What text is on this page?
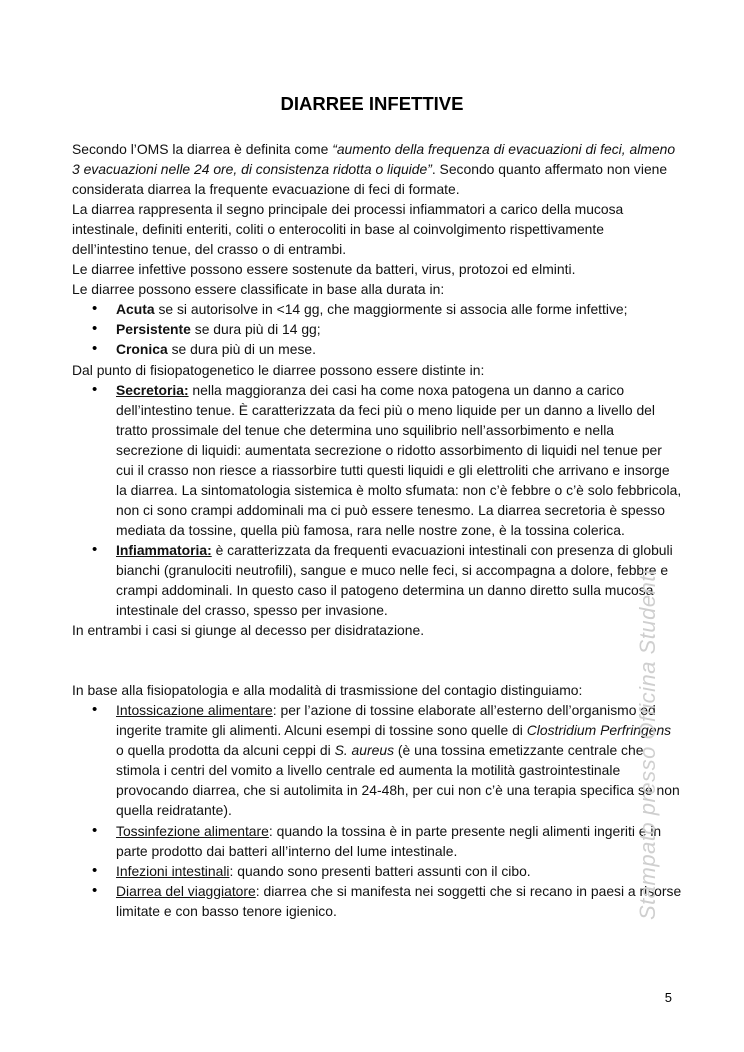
DIARREE INFETTIVE

Secondo l’OMS la diarrea è definita come “aumento della frequenza di evacuazioni di feci, almeno 3 evacuazioni nelle 24 ore, di consistenza ridotta o liquide”. Secondo quanto affermato non viene considerata diarrea la frequente evacuazione di feci di formate.

La diarrea rappresenta il segno principale dei processi infiammatori a carico della mucosa intestinale, definiti enteriti, coliti o enterocoliti in base al coinvolgimento rispettivamente dell’intestino tenue, del crasso o di entrambi.

Le diarree infettive possono essere sostenute da batteri, virus, protozoi ed elminti.

Le diarree possono essere classificate in base alla durata in:

• Acuta se si autorisolve in <14 gg, che maggiormente si associa alle forme infettive;
• Persistente se dura più di 14 gg;
• Cronica se dura più di un mese.

Dal punto di fisiopatogenetico le diarree possono essere distinte in:

• Secretoria: nella maggioranza dei casi ha come noxa patogena un danno a carico dell’intestino tenue. È caratterizzata da feci più o meno liquide per un danno a livello del tratto prossimale del tenue che determina uno squilibrio nell’assorbimento e nella secrezione di liquidi: aumentata secrezione o ridotto assorbimento di liquidi nel tenue per cui il crasso non riesce a riassorbire tutti questi liquidi e gli elettroliti che arrivano e insorge la diarrea. La sintomatologia sistemica è molto sfumata: non c’è febbre o c’è solo febbricola, non ci sono crampi addominali ma ci può essere tenesmo. La diarrea secretoria è spesso mediata da tossine, quella più famosa, rara nelle nostre zone, è la tossina colerica.
• Infiammatoria: è caratterizzata da frequenti evacuazioni intestinali con presenza di globuli bianchi (granulociti neutrofili), sangue e muco nelle feci, si accompagna a dolore, febbre e crampi addominali. In questo caso il patogeno determina un danno diretto sulla mucosa intestinale del crasso, spesso per invasione.

In entrambi i casi si giunge al decesso per disidratazione.

In base alla fisiopatologia e alla modalità di trasmissione del contagio distinguiamo:

• Intossicazione alimentare: per l’azione di tossine elaborate all’esterno dell’organismo ed ingerite tramite gli alimenti. Alcuni esempi di tossine sono quelle di Clostridium Perfringens o quella prodotta da alcuni ceppi di S. aureus (è una tossina emetizzante centrale che stimola i centri del vomito a livello centrale ed aumenta la motilità gastrointestinale provocando diarrea, che si autolimita in 24-48h, per cui non c’è una terapia specifica se non quella reidratante).
• Tossinfezione alimentare: quando la tossina è in parte presente negli alimenti ingeriti e in parte prodotto dai batteri all’interno del lume intestinale.
• Infezioni intestinali: quando sono presenti batteri assunti con il cibo.
• Diarrea del viaggiatore: diarrea che si manifesta nei soggetti che si recano in paesi a risorse limitate e con basso tenore igienico.	Stampato presso Officina Studenti
5
